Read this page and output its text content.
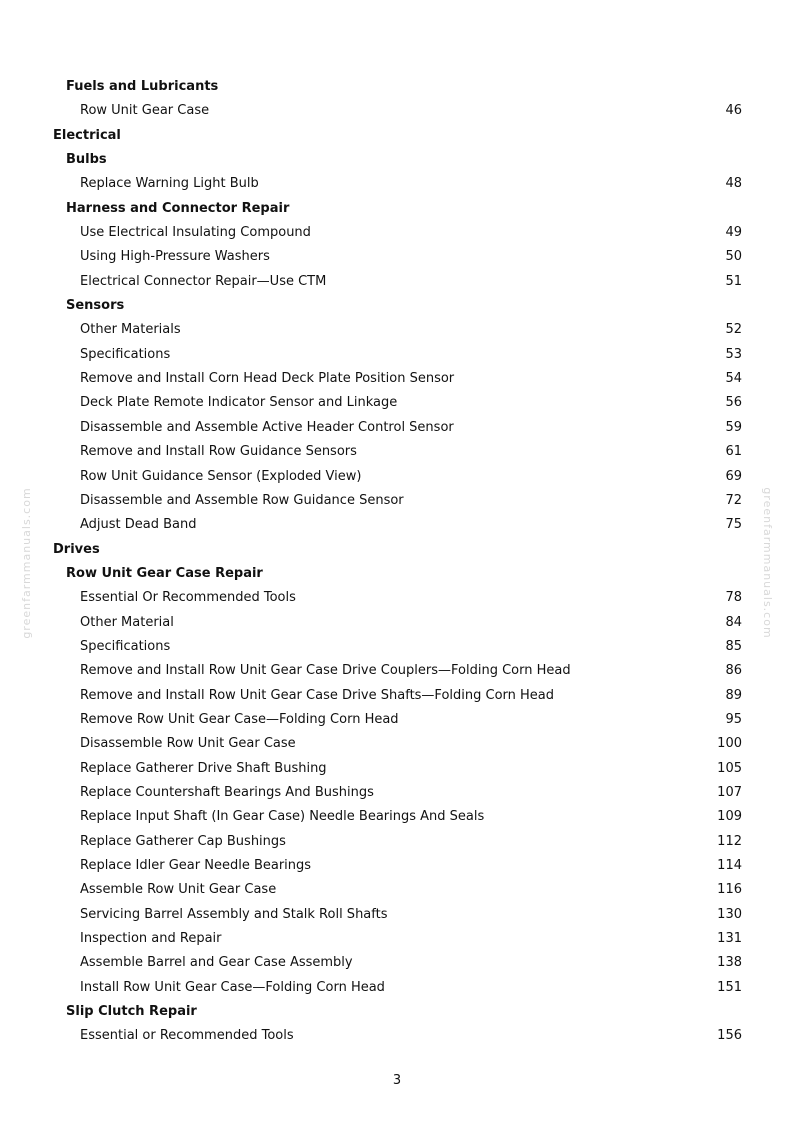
Fuels and Lubricants
Row Unit Gear Case	46
Electrical
Bulbs
Replace Warning Light Bulb	48
Harness and Connector Repair
Use Electrical Insulating Compound	49
Using High-Pressure Washers	50
Electrical Connector Repair—Use CTM	51
Sensors
Other Materials	52
Specifications	53
Remove and Install Corn Head Deck Plate Position Sensor	54
Deck Plate Remote Indicator Sensor and Linkage	56
Disassemble and Assemble Active Header Control Sensor	59
Remove and Install Row Guidance Sensors	61
Row Unit Guidance Sensor (Exploded View)	69
Disassemble and Assemble Row Guidance Sensor	72
Adjust Dead Band	75
Drives
Row Unit Gear Case Repair
Essential Or Recommended Tools	78
Other Material	84
Specifications	85
Remove and Install Row Unit Gear Case Drive Couplers—Folding Corn Head	86
Remove and Install Row Unit Gear Case Drive Shafts—Folding Corn Head	89
Remove Row Unit Gear Case—Folding Corn Head	95
Disassemble Row Unit Gear Case	100
Replace Gatherer Drive Shaft Bushing	105
Replace Countershaft Bearings And Bushings	107
Replace Input Shaft (In Gear Case) Needle Bearings And Seals	109
Replace Gatherer Cap Bushings	112
Replace Idler Gear Needle Bearings	114
Assemble Row Unit Gear Case	116
Servicing Barrel Assembly and Stalk Roll Shafts	130
Inspection and Repair	131
Assemble Barrel and Gear Case Assembly	138
Install Row Unit Gear Case—Folding Corn Head	151
Slip Clutch Repair
Essential or Recommended Tools	156
3
greenfarmmanuals.com	greenfarmmanuals.com
